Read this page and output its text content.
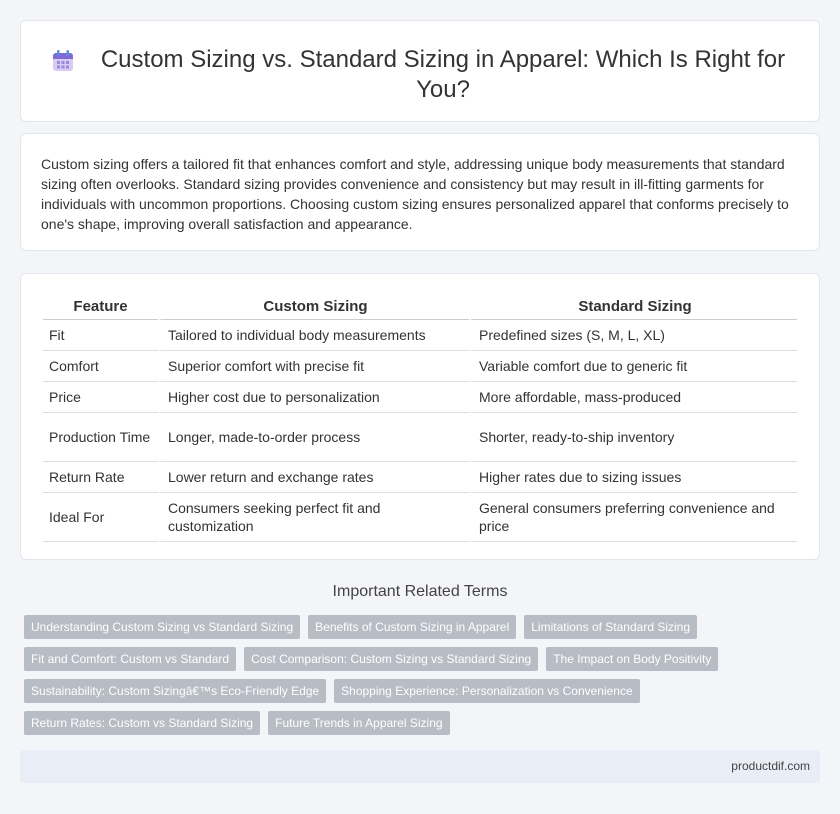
Custom Sizing vs. Standard Sizing in Apparel: Which Is Right for You?

Custom sizing offers a tailored fit that enhances comfort and style, addressing unique body measurements that standard sizing often overlooks. Standard sizing provides convenience and consistency but may result in ill-fitting garments for individuals with uncommon proportions. Choosing custom sizing ensures personalized apparel that conforms precisely to one's shape, improving overall satisfaction and appearance.

Feature	Custom Sizing	Standard Sizing
Fit	Tailored to individual body measurements	Predefined sizes (S, M, L, XL)
Comfort	Superior comfort with precise fit	Variable comfort due to generic fit
Price	Higher cost due to personalization	More affordable, mass-produced
Production Time	Longer, made-to-order process	Shorter, ready-to-ship inventory
Return Rate	Lower return and exchange rates	Higher rates due to sizing issues
Ideal For	Consumers seeking perfect fit and customization	General consumers preferring convenience and price
Important Related Terms
Understanding Custom Sizing vs Standard Sizing	Benefits of Custom Sizing in Apparel	Limitations of Standard Sizing
Fit and Comfort: Custom vs Standard	Cost Comparison: Custom Sizing vs Standard Sizing	The Impact on Body Positivity
Sustainability: Custom Sizingâ€™s Eco-Friendly Edge	Shopping Experience: Personalization vs Convenience
Return Rates: Custom vs Standard Sizing	Future Trends in Apparel Sizing
productdif.com
